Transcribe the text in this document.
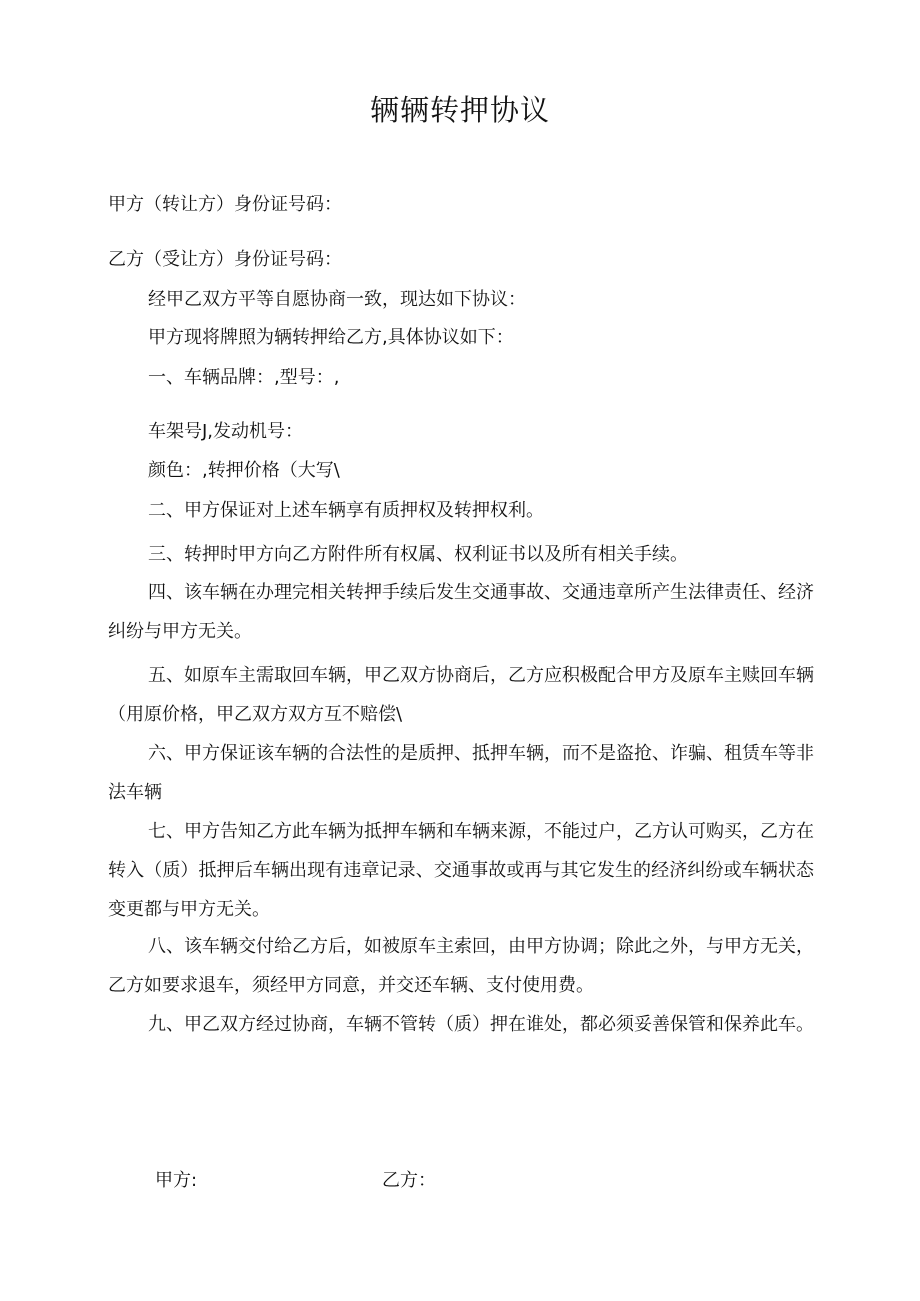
辆辆转押协议
甲方（转让方）身份证号码：
乙方（受让方）身份证号码：
经甲乙双方平等自愿协商一致，现达如下协议：
甲方现将牌照为辆转押给乙方,具体协议如下：
一、车辆品牌：,型号：,
车架号J,发动机号：
颜色：,转押价格（大写\
二、甲方保证对上述车辆享有质押权及转押权利。
三、转押时甲方向乙方附件所有权属、权利证书以及所有相关手续。
四、该车辆在办理完相关转押手续后发生交通事故、交通违章所产生法律责任、经济纠纷与甲方无关。
五、如原车主需取回车辆，甲乙双方协商后，乙方应积极配合甲方及原车主赎回车辆（用原价格，甲乙双方双方互不赔偿\
六、甲方保证该车辆的合法性的是质押、抵押车辆，而不是盗抢、诈骗、租赁车等非法车辆
七、甲方告知乙方此车辆为抵押车辆和车辆来源，不能过户，乙方认可购买，乙方在转入（质）抵押后车辆出现有违章记录、交通事故或再与其它发生的经济纠纷或车辆状态变更都与甲方无关。
八、该车辆交付给乙方后，如被原车主索回，由甲方协调；除此之外，与甲方无关，乙方如要求退车，须经甲方同意，并交还车辆、支付使用费。
九、甲乙双方经过协商，车辆不管转（质）押在谁处，都必须妥善保管和保养此车。
甲方:	乙方：
